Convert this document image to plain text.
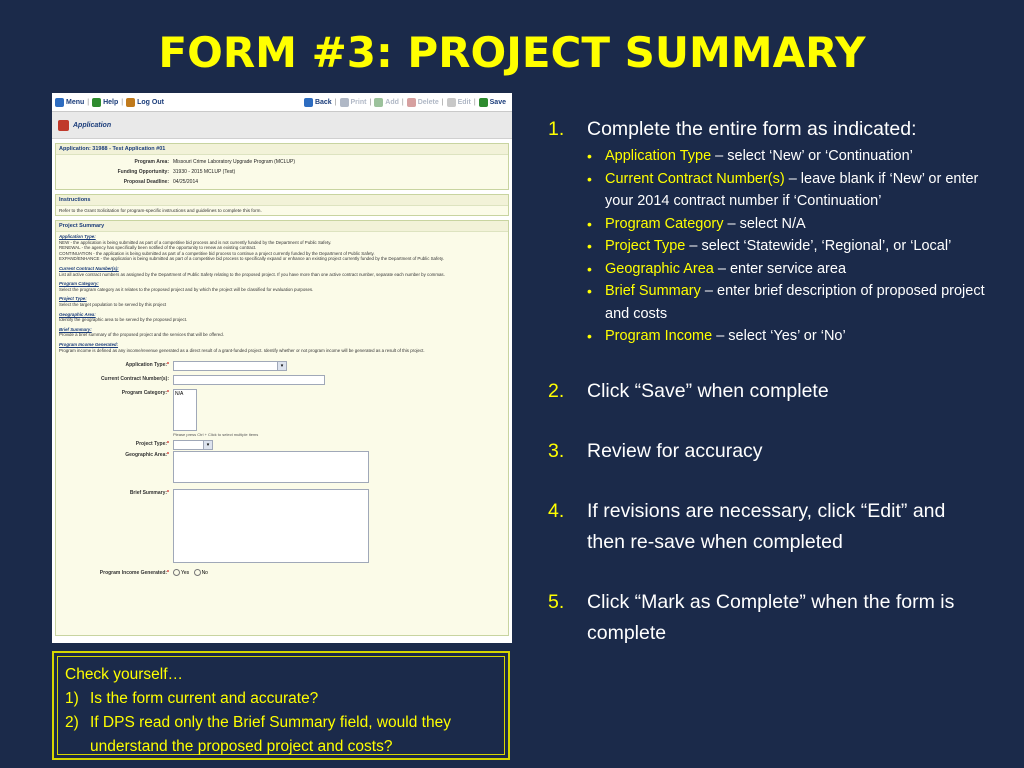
FORM #3: PROJECT SUMMARY
Menu | Help | Log Out	Back | Print | Add | Delete | Edit | Save
Application
Application: 31988 - Test Application #01
Program Area: Missouri Crime Laboratory Upgrade Program (MCLUP)
Funding Opportunity: 31930 - 2015 MCLUP (Test)
Proposal Deadline: 04/25/2014
Instructions
Refer to the Grant Solicitation for program-specific instructions and guidelines to complete this form.
Project Summary
Application Type:
NEW - the application is being submitted as part of a competitive bid process and is not currently funded by the Department of Public Safety.
RENEWAL - the agency has specifically been notified of the opportunity to renew an existing contract.
CONTINUATION - the application is being submitted as part of a competitive bid process to continue a project currently funded by the Department of Public Safety.
EXPAND/ENHANCE - the application is being submitted as part of a competitive bid process to specifically expand or enhance an existing project currently funded by the Department of Public Safety.
Current Contract Number(s):
List all active contract numbers as assigned by the Department of Public Safety relating to the proposed project. If you have more than one active contract number, separate each number by commas.
Program Category:
Select the program category as it relates to the proposed project and by which the project will be classified for evaluation purposes.
Project Type:
Select the target population to be served by this project
Geographic Area:
Identify the geographic area to be served by the proposed project.
Brief Summary:
Provide a brief summary of the proposed project and the services that will be offered.
Program Income Generated:
Program income is defined as any income/revenue generated as a direct result of a grant-funded project. Identify whether or not program income will be generated as a result of this project.
Application Type:*	▾
Current Contract Number(s):
Program Category:*	N/A
Please press Ctrl + Click to select multiple items
Project Type:*	▾
Geographic Area:*
Brief Summary:*
Program Income Generated:*	Yes No
Check yourself…
1) Is the form current and accurate?
2) If DPS read only the Brief Summary field, would they understand the proposed project and costs?
1.	Complete the entire form as indicated:
• Application Type – select ‘New’ or ‘Continuation’
• Current Contract Number(s) – leave blank if ‘New’ or enter your 2014 contract number if ‘Continuation’
• Program Category – select N/A
• Project Type – select ‘Statewide’, ‘Regional’, or ‘Local’
• Geographic Area – enter service area
• Brief Summary – enter brief description of proposed project and costs
• Program Income – select ‘Yes’ or ‘No’
2.	Click “Save” when complete
3.	Review for accuracy
4.	If revisions are necessary, click “Edit” and then re-save when completed
5.	Click “Mark as Complete” when the form is complete
